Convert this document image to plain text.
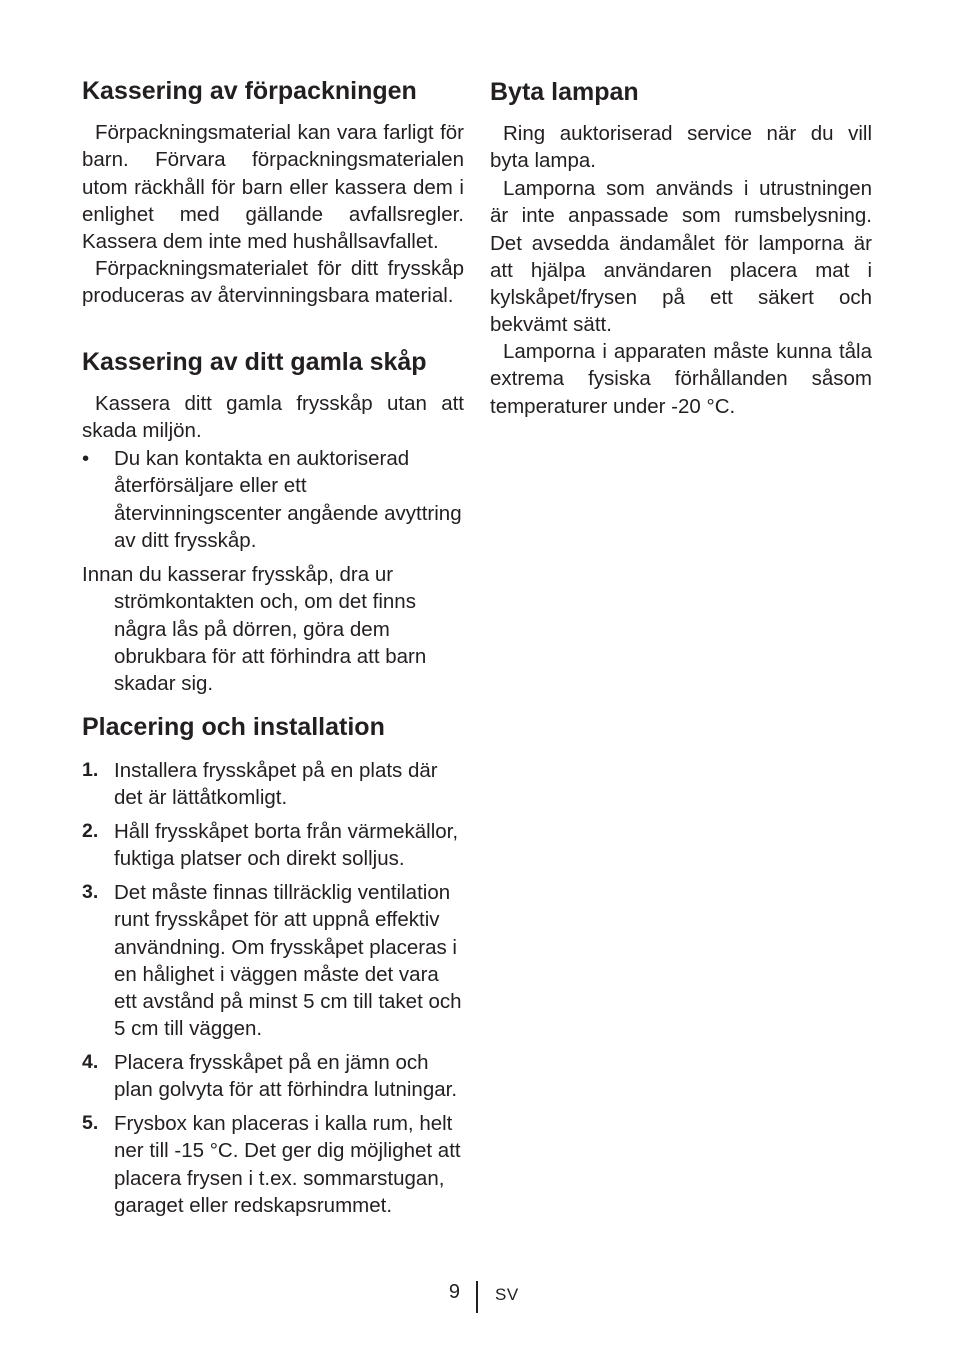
Kassering av förpackningen

Förpackningsmaterial kan vara farligt för barn. Förvara förpackningsmaterialen utom räckhåll för barn eller kassera dem i enlighet med gällande avfallsregler. Kassera dem inte med hushållsavfallet.

Förpackningsmaterialet för ditt frysskåp produceras av återvinningsbara material.

Kassering av ditt gamla skåp

Kassera ditt gamla frysskåp utan att skada miljön.

• Du kan kontakta en auktoriserad återförsäljare eller ett återvinningscenter angående avyttring av ditt frysskåp.

Innan du kasserar frysskåp, dra ur strömkontakten och, om det finns några lås på dörren, göra dem obrukbara för att förhindra att barn skadar sig.

Placering och installation
1. Installera frysskåpet på en plats där det är lättåtkomligt.
2. Håll frysskåpet borta från värmekällor, fuktiga platser och direkt solljus.
3. Det måste finnas tillräcklig ventilation runt frysskåpet för att uppnå effektiv användning. Om frysskåpet placeras i en hålighet i väggen måste det vara ett avstånd på minst 5 cm till taket och 5 cm till väggen.
4. Placera frysskåpet på en jämn och plan golvyta för att förhindra lutningar.
5. Frysbox kan placeras i kalla rum, helt ner till -15 °C. Det ger dig möjlighet att placera frysen i t.ex. sommarstugan, garaget eller redskapsrummet.
Byta lampan

Ring auktoriserad service när du vill byta lampa.

Lamporna som används i utrustningen är inte anpassade som rumsbelysning. Det avsedda ändamålet för lamporna är att hjälpa användaren placera mat i kylskåpet/frysen på ett säkert och bekvämt sätt.

Lamporna i apparaten måste kunna tåla extrema fysiska förhållanden såsom temperaturer under -20 °C.

9 SV
